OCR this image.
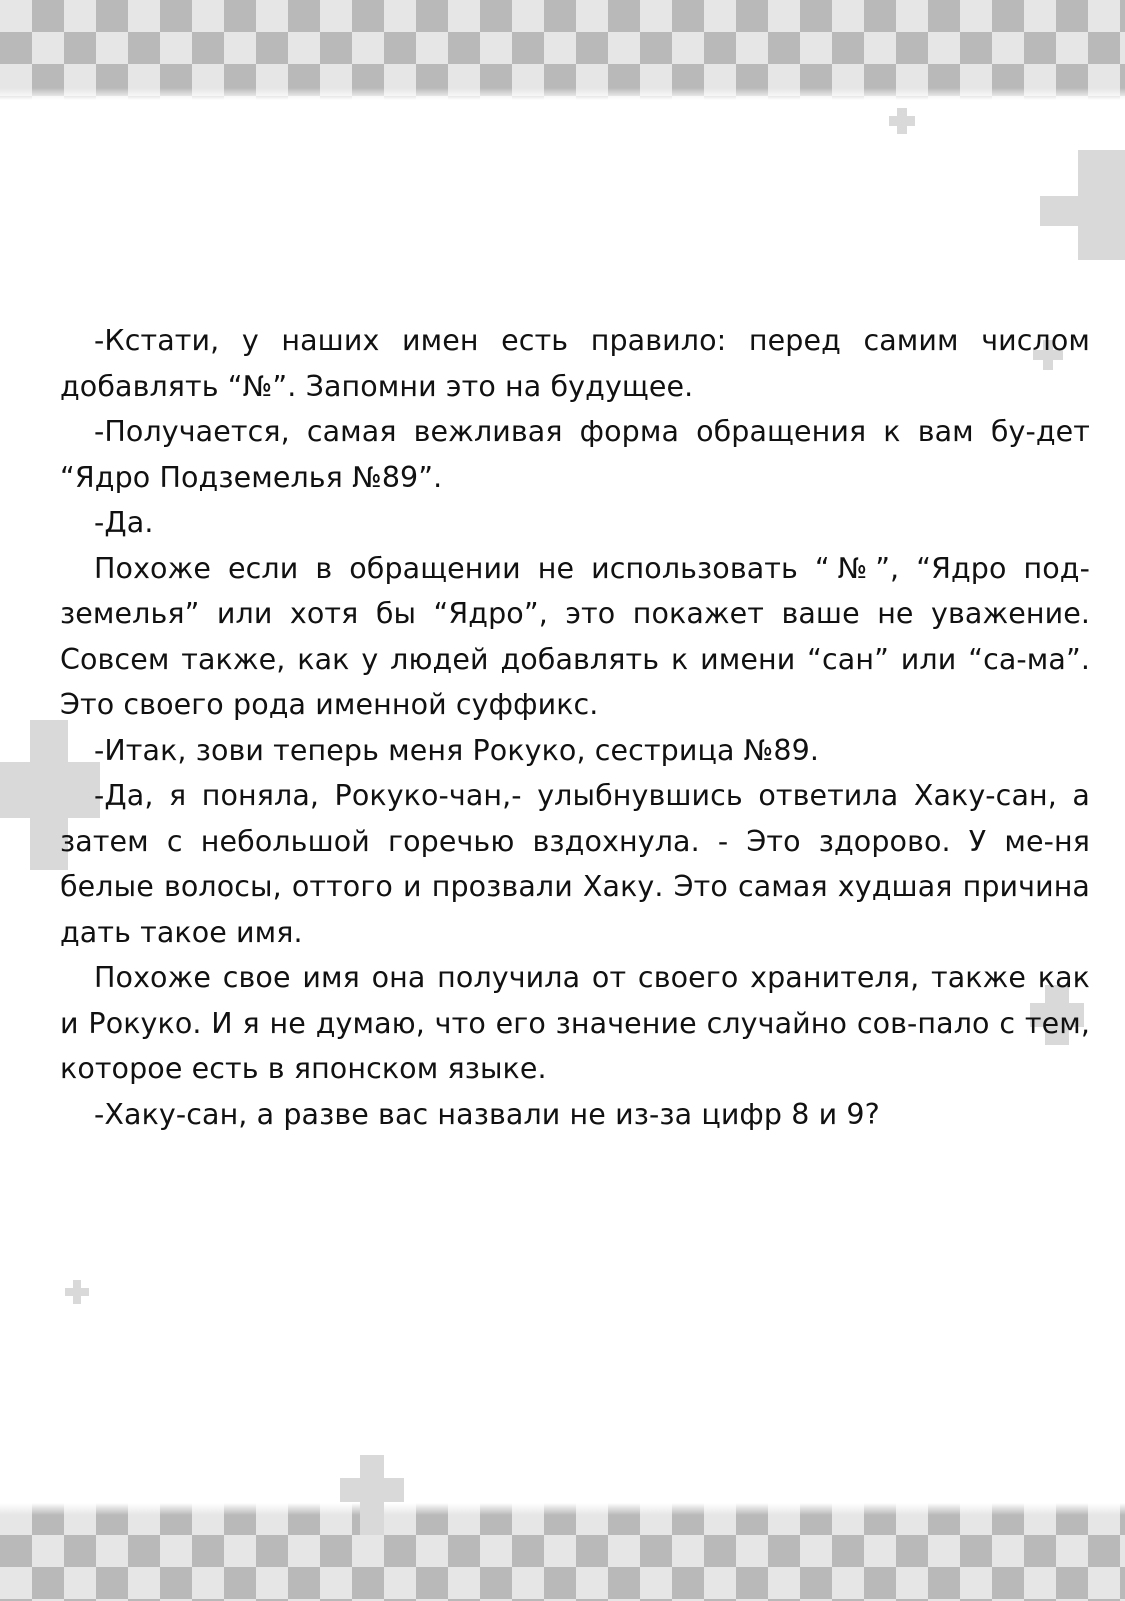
-Кстати, у наших имен есть правило: перед самим числом добавлять “№”. Запомни это на будущее.

-Получается, самая вежливая форма обращения к вам бу-дет “Ядро Подземелья №89”.

-Да.

Похоже если в обращении не использовать “№”, “Ядро под-земелья” или хотя бы “Ядро”, это покажет ваше не уважение. Совсем также, как у людей добавлять к имени “сан” или “са-ма”. Это своего рода именной суффикс.

-Итак, зови теперь меня Рокуко, сестрица №89.

-Да, я поняла, Рокуко-чан,- улыбнувшись ответила Хаку-сан, а затем с небольшой горечью вздохнула. - Это здорово. У ме-ня белые волосы, оттого и прозвали Хаку. Это самая худшая причина дать такое имя.

Похоже свое имя она получила от своего хранителя, также как и Рокуко. И я не думаю, что его значение случайно сов-пало с тем, которое есть в японском языке.

-Хаку-сан, а разве вас назвали не из-за цифр 8 и 9?
